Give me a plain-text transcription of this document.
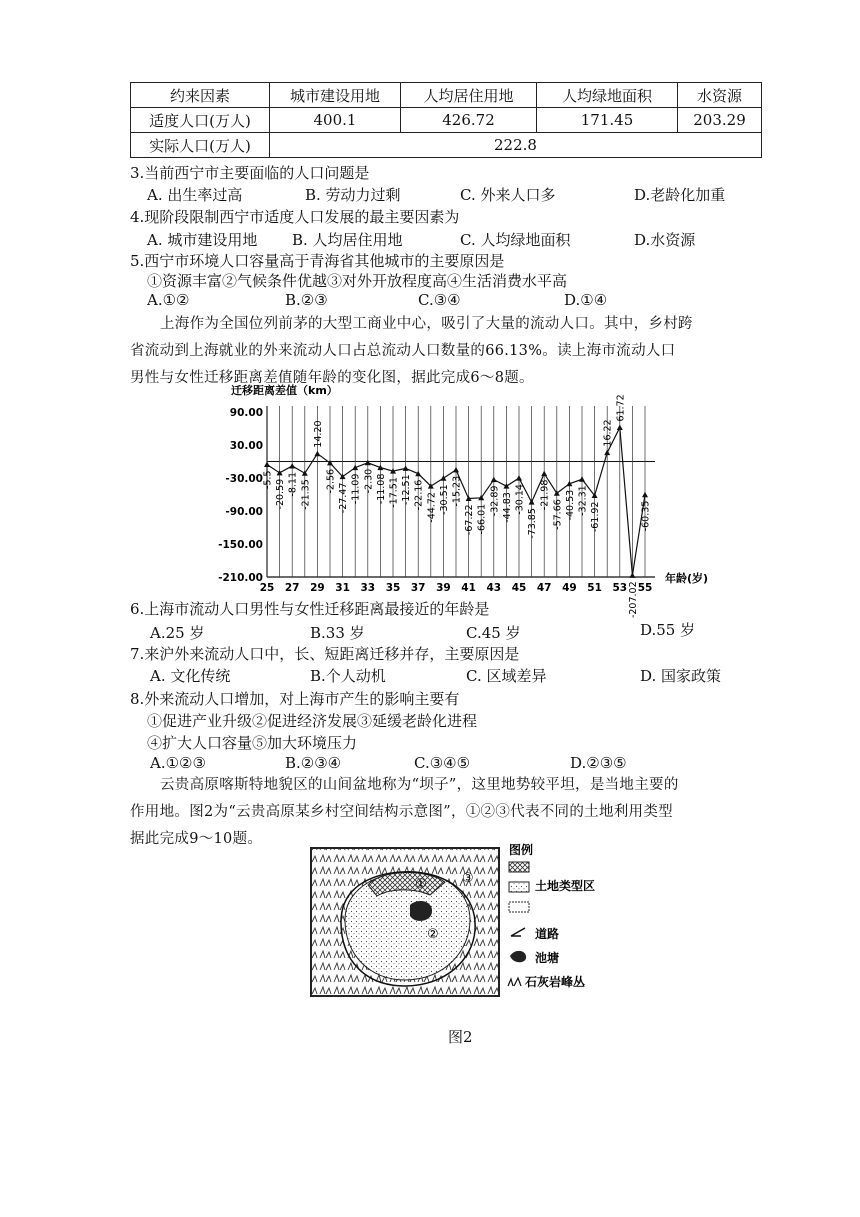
约来因素	城市建设用地	人均居住用地	人均绿地面积	水资源
适度人口(万人)	400.1	426.72	171.45	203.29
实际人口(万人)	222.8			
3.当前西宁市主要面临的人口问题是
A. 出生率过高	B. 劳动力过剩	C. 外来人口多	D.老龄化加重
4.现阶段限制西宁市适度人口发展的最主要因素为
A. 城市建设用地 B. 人均居住用地	C. 人均绿地面积	D.水资源
5.西宁市环境人口容量高于青海省其他城市的主要原因是
①资源丰富②气候条件优越③对外开放程度高④生活消费水平高
A.①②	B.②③	C.③④	D.①④
上海作为全国位列前茅的大型工商业中心，吸引了大量的流动人口。其中，乡村跨
省流动到上海就业的外来流动人口占总流动人口数量的66.13%。读上海市流动人口
男性与女性迁移距离差值随年龄的变化图，据此完成6～8题。
迁移距离差值（km）
年龄(岁)
90.00
30.00
-30.00
-90.00
-150.00
-210.00
25 27 29 31 33 35 37 39 41 43 45 47 49 51 53 55
-5.5 -20.59 -8.11 -21.35
14.20
-2.56
-27.47 -11.09 -2.30 -11.08 -17.51 -12.51 -22.16 -44.72 -30.51 -15.23
-67.22 -66.01
-32.89 -44.83 -30.14
-73.85
-21.98
-57.66 -40.53 -32.31
-61.92
16.22
61.72
-207.02
-60.35
6.上海市流动人口男性与女性迁移距离最接近的年龄是
A.25 岁	B.33 岁	C.45 岁	D.55 岁
7.来沪外来流动人口中，长、短距离迁移并存，主要原因是
A. 文化传统	B.个人动机	C. 区域差异	D. 国家政策
8.外来流动人口增加，对上海市产生的影响主要有
①促进产业升级②促进经济发展③延缓老龄化进程
④扩大人口容量⑤加大环境压力
A.①②③	B.②③④	C.③④⑤	D.②③⑤
云贵高原喀斯特地貌区的山间盆地称为“坝子”，这里地势较平坦，是当地主要的
作用地。图2为“云贵高原某乡村空间结构示意图”，①②③代表不同的土地利用类型
据此完成9～10题。
①
②
③
图例
土地类型区
道路
池塘
石灰岩峰丛
图2
